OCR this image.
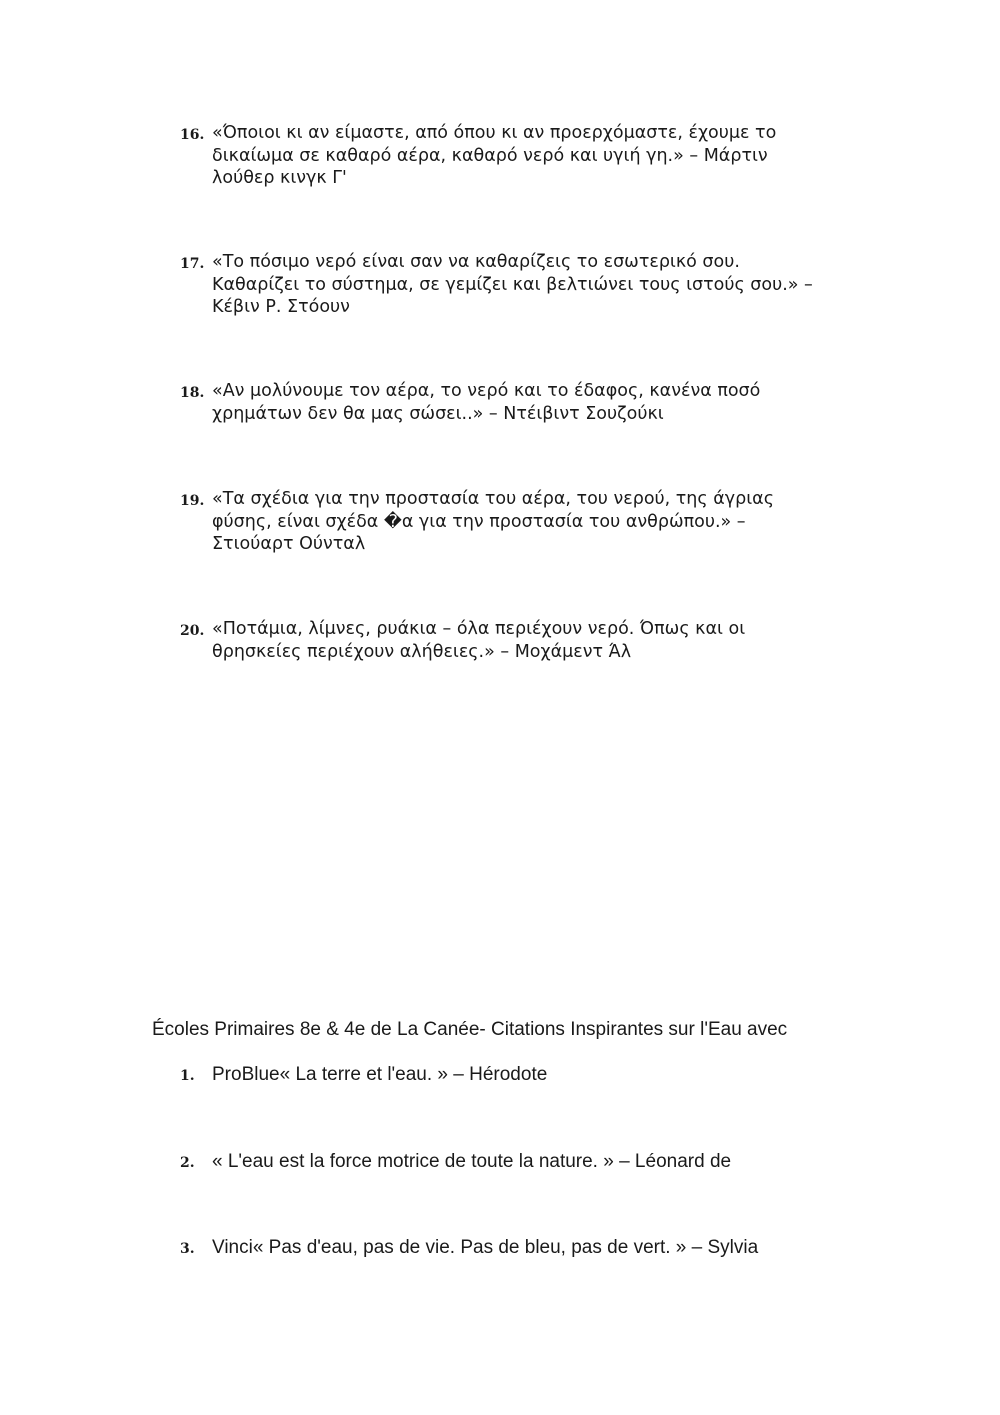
16. «Όποιοι κι αν είμαστε, από όπου κι αν προερχόμαστε, έχουμε το
δικαίωμα σε καθαρό αέρα, καθαρό νερό και υγιή γη.» – Μάρτιν
λούθερ κινγκ Γ'
17. «Το πόσιμο νερό είναι σαν να καθαρίζεις το εσωτερικό σου.
Καθαρίζει το σύστημα, σε γεμίζει και βελτιώνει τους ιστούς σου.» –
Κέβιν Ρ. Στόουν
18. «Αν μολύνουμε τον αέρα, το νερό και το έδαφος, κανένα ποσό
χρημάτων δεν θα μας σώσει..» – Ντέιβιντ Σουζούκι
19. «Τα σχέδια για την προστασία του αέρα, του νερού, της άγριας
φύσης, είναι σχέδα �α για την προστασία του ανθρώπου.» –
Στιούαρτ Ούνταλ
20. «Ποτάμια, λίμνες, ρυάκια – όλα περιέχουν νερό. Όπως και οι
θρησκείες περιέχουν αλήθειες.» – Μοχάμεντ Άλ
Écoles Primaires 8e & 4e de La Canée- Citations Inspirantes sur l'Eau avec
1. ProBlue« La terre et l'eau. » – Hérodote
2. « L'eau est la force motrice de toute la nature. » – Léonard de
3. Vinci« Pas d'eau, pas de vie. Pas de bleu, pas de vert. » – Sylvia
